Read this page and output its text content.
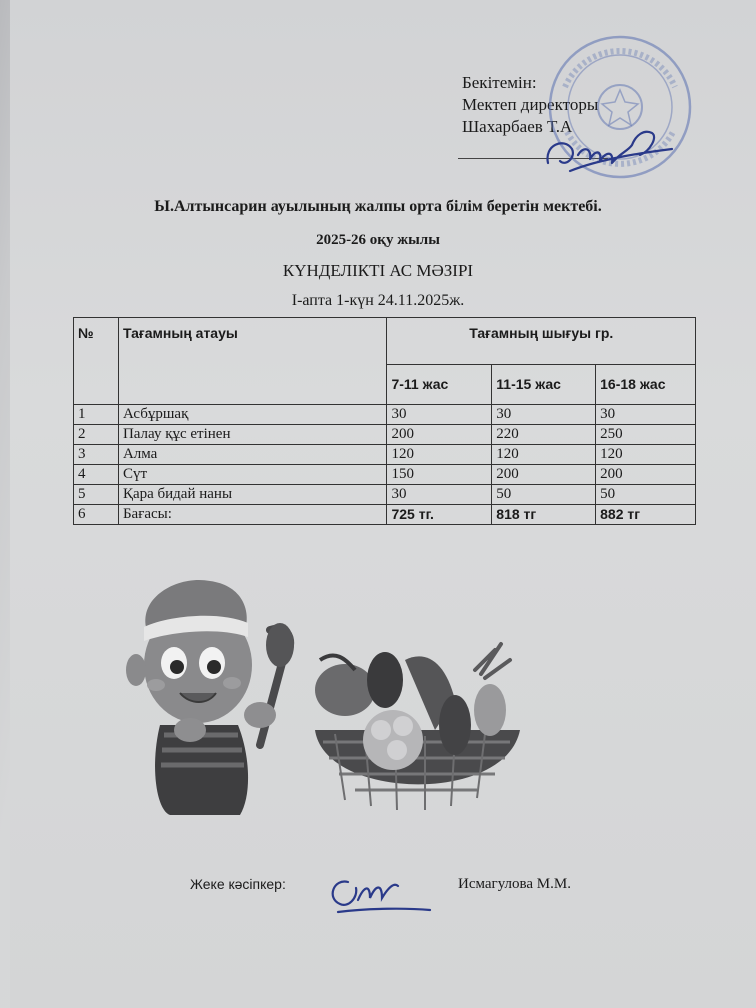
Бекітемін:
Мектеп директоры
Шахарбаев Т.А
Ы.Алтынсарин ауылының жалпы орта білім беретін мектебі.
2025-26 оқу жылы
КҮНДЕЛІКТІ АС МӘЗІРІ
I-апта 1-күн 24.11.2025ж.
№	Тағамның атауы	Тағамның шығуы гр.		
		7-11 жас	11-15 жас	16-18 жас
1	Асбұршақ	30	30	30
2	Палау құс етінен	200	220	250
3	Алма	120	120	120
4	Сүт	150	200	200
5	Қара бидай наны	30	50	50
6	Бағасы:	725 тг.	818 тг	882 тг
Жеке кәсіпкер:	Исмагулова М.М.
